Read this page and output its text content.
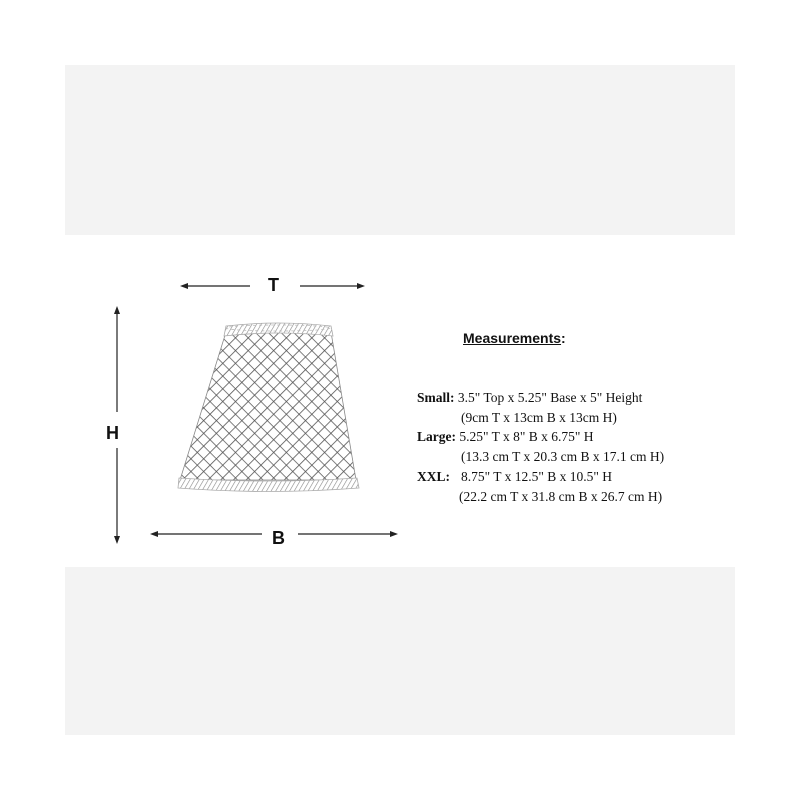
T
H
B
Measurements:
Small: 3.5" Top x 5.25" Base x 5" Height
(9cm T x 13cm B x 13cm H)
Large: 5.25" T x 8" B x 6.75" H
(13.3 cm T x 20.3 cm B x 17.1 cm H)
XXL: 8.75" T x 12.5" B x 10.5" H
(22.2 cm T x 31.8 cm B x 26.7 cm H)
